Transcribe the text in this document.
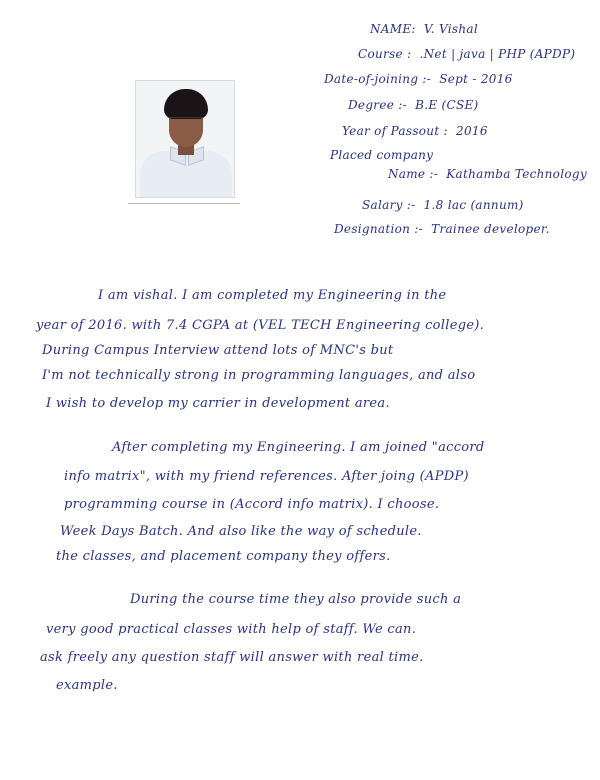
NAME: V. Vishal
Course : .Net | java | PHP (APDP)
Date-of-joining :- Sept - 2016
Degree :- B.E (CSE)
Year of Passout : 2016
Placed company
Name :- Kathamba Technology
Salary :- 1.8 lac (annum)
Designation :- Trainee developer.
I am vishal. I am completed my Engineering in the
year of 2016. with 7.4 CGPA at (VEL TECH Engineering college).
During Campus Interview attend lots of MNC's but
I'm not technically strong in programming languages, and also
I wish to develop my carrier in development area.
After completing my Engineering. I am joined "accord
info matrix", with my friend references. After joing (APDP)
programming course in (Accord info matrix). I choose.
Week Days Batch. And also like the way of schedule.
the classes, and placement company they offers.
During the course time they also provide such a
very good practical classes with help of staff. We can.
ask freely any question staff will answer with real time.
example.
